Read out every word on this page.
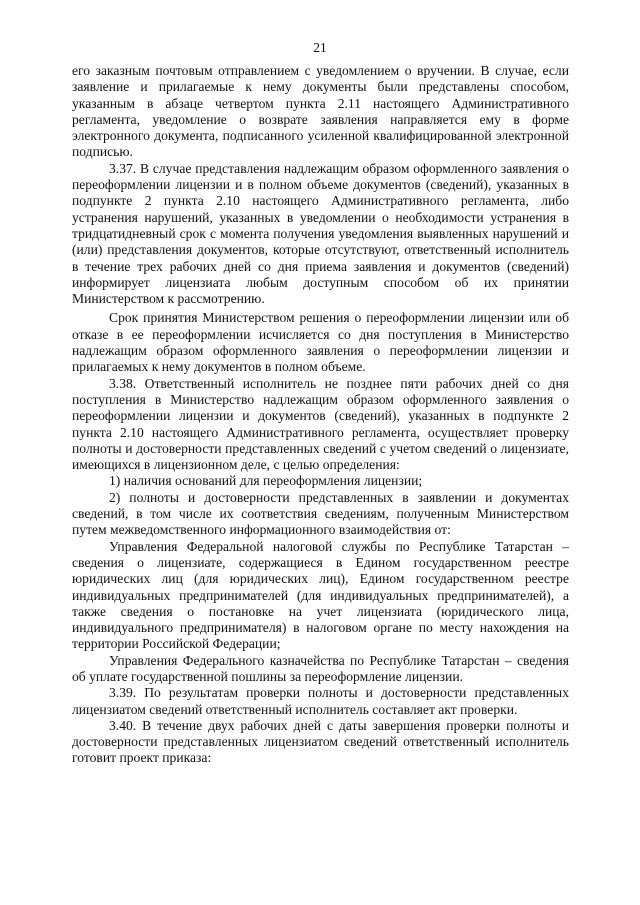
21

его заказным почтовым отправлением с уведомлением о вручении. В случае, если заявление и прилагаемые к нему документы были представлены способом, указанным в абзаце четвертом пункта 2.11 настоящего Административного регламента, уведомление о возврате заявления направляется ему в форме электронного документа, подписанного усиленной квалифицированной электронной подписью.

3.37. В случае представления надлежащим образом оформленного заявления о переоформлении лицензии и в полном объеме документов (сведений), указанных в подпункте 2 пункта 2.10 настоящего Административного регламента, либо устранения нарушений, указанных в уведомлении о необходимости устранения в тридцатидневный срок с момента получения уведомления выявленных нарушений и (или) представления документов, которые отсутствуют, ответственный исполнитель в течение трех рабочих дней со дня приема заявления и документов (сведений) информирует лицензиата любым доступным способом об их принятии Министерством к рассмотрению.

Срок принятия Министерством решения о переоформлении лицензии или об отказе в ее переоформлении исчисляется со дня поступления в Министерство надлежащим образом оформленного заявления о переоформлении лицензии и прилагаемых к нему документов в полном объеме.

3.38. Ответственный исполнитель не позднее пяти рабочих дней со дня поступления в Министерство надлежащим образом оформленного заявления о переоформлении лицензии и документов (сведений), указанных в подпункте 2 пункта 2.10 настоящего Административного регламента, осуществляет проверку полноты и достоверности представленных сведений с учетом сведений о лицензиате, имеющихся в лицензионном деле, с целью определения:

1) наличия оснований для переоформления лицензии;

2) полноты и достоверности представленных в заявлении и документах сведений, в том числе их соответствия сведениям, полученным Министерством путем межведомственного информационного взаимодействия от:

Управления Федеральной налоговой службы по Республике Татарстан – сведения о лицензиате, содержащиеся в Едином государственном реестре юридических лиц (для юридических лиц), Едином государственном реестре индивидуальных предпринимателей (для индивидуальных предпринимателей), а также сведения о постановке на учет лицензиата (юридического лица, индивидуального предпринимателя) в налоговом органе по месту нахождения на территории Российской Федерации;

Управления Федерального казначейства по Республике Татарстан – сведения об уплате государственной пошлины за переоформление лицензии.

3.39. По результатам проверки полноты и достоверности представленных лицензиатом сведений ответственный исполнитель составляет акт проверки.

3.40. В течение двух рабочих дней с даты завершения проверки полноты и достоверности представленных лицензиатом сведений ответственный исполнитель готовит проект приказа:
